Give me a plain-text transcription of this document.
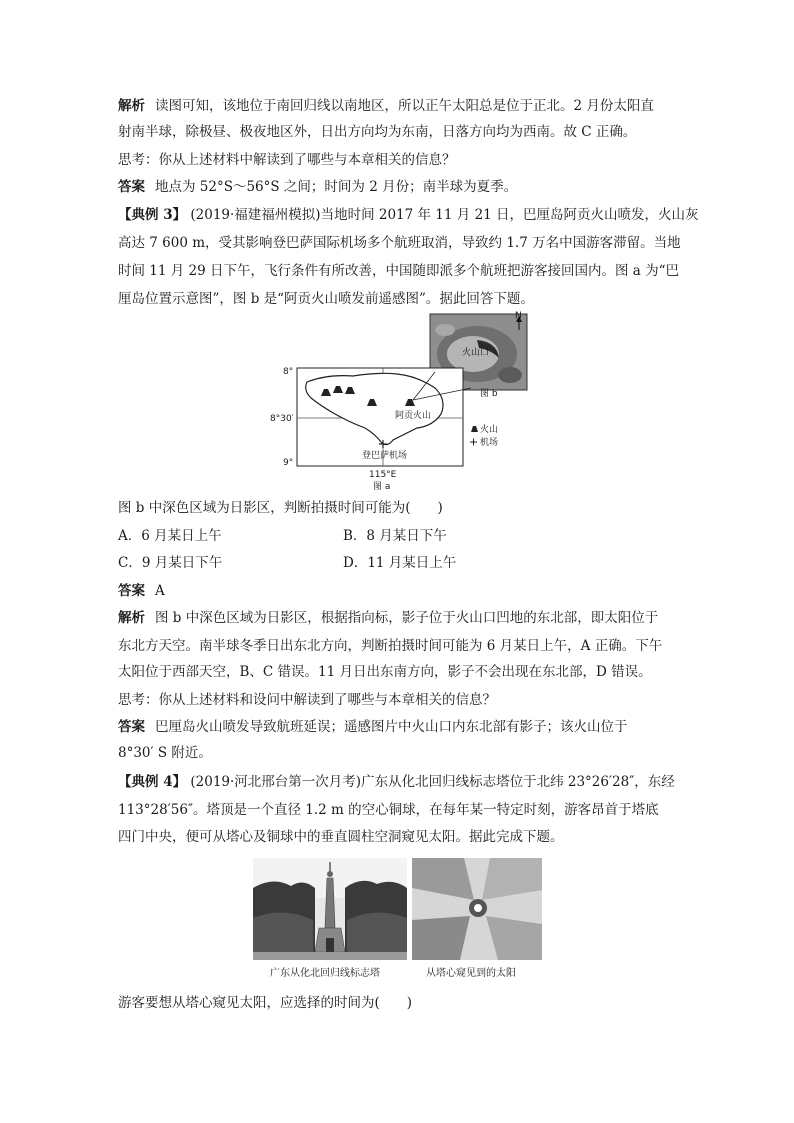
解析 读图可知，该地位于南回归线以南地区，所以正午太阳总是位于正北。2 月份太阳直
射南半球，除极昼、极夜地区外，日出方向均为东南，日落方向均为西南。故 C 正确。
思考：你从上述材料中解读到了哪些与本章相关的信息？
答案 地点为 52°S～56°S 之间；时间为 2 月份；南半球为夏季。
【典例 3】 (2019·福建福州模拟)当地时间 2017 年 11 月 21 日，巴厘岛阿贡火山喷发，火山灰
高达 7 600 m，受其影响登巴萨国际机场多个航班取消，导致约 1.7 万名中国游客滞留。当地
时间 11 月 29 日下午，飞行条件有所改善，中国随即派多个航班把游客接回国内。图 a 为“巴
厘岛位置示意图”，图 b 是“阿贡火山喷发前遥感图”。据此回答下题。
火山口
N
图 b
阿贡火山
登巴萨机场
火山
机场
8°
8°30′
9°
115°E
图 a
图 b 中深色区域为日影区，判断拍摄时间可能为(　　)
A．6 月某日上午	B．8 月某日下午
C．9 月某日下午	D．11 月某日上午
答案 A
解析 图 b 中深色区域为日影区，根据指向标，影子位于火山口凹地的东北部，即太阳位于
东北方天空。南半球冬季日出东北方向，判断拍摄时间可能为 6 月某日上午，A 正确。下午
太阳位于西部天空，B、C 错误。11 月日出东南方向，影子不会出现在东北部，D 错误。
思考：你从上述材料和设问中解读到了哪些与本章相关的信息？
答案 巴厘岛火山喷发导致航班延误；遥感图片中火山口内东北部有影子；该火山位于
8°30′ S 附近。
【典例 4】 (2019·河北邢台第一次月考)广东从化北回归线标志塔位于北纬 23°26′28″，东经
113°28′56″。塔顶是一个直径 1.2 m 的空心铜球，在每年某一特定时刻，游客昂首于塔底
四门中央，便可从塔心及铜球中的垂直圆柱空洞窥见太阳。据此完成下题。
广东从化北回归线标志塔	从塔心窥见到的太阳
游客要想从塔心窥见太阳，应选择的时间为(　　)
